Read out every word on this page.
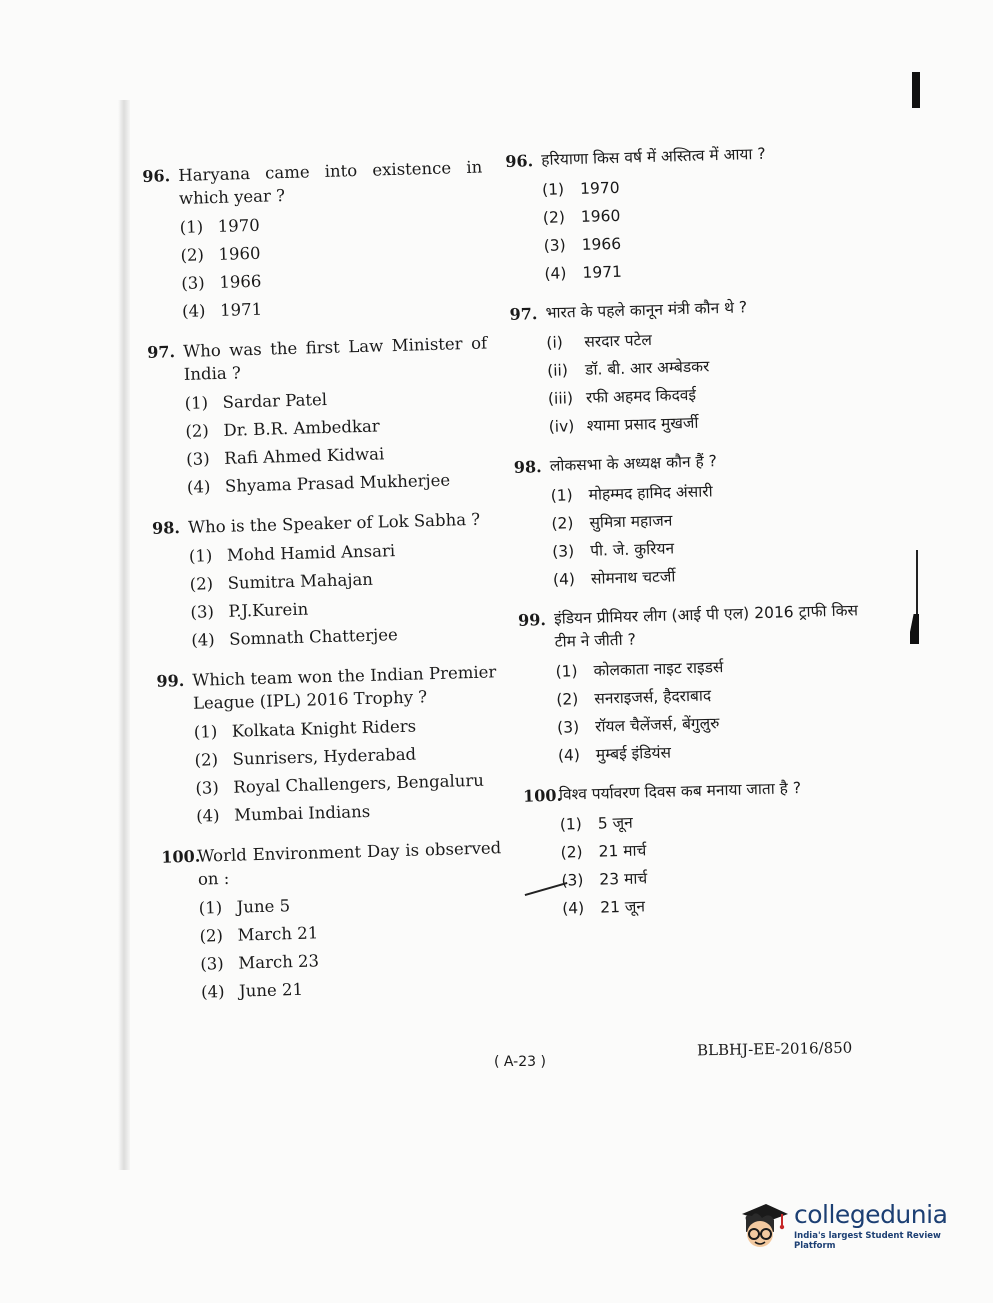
96. Haryana came into existence in which year ?
(1) 1970
(2) 1960
(3) 1966
(4) 1971
97. Who was the first Law Minister of India ?
(1) Sardar Patel
(2) Dr. B.R. Ambedkar
(3) Rafi Ahmed Kidwai
(4) Shyama Prasad Mukherjee
98. Who is the Speaker of Lok Sabha ?
(1) Mohd Hamid Ansari
(2) Sumitra Mahajan
(3) P.J.Kurein
(4) Somnath Chatterjee
99. Which team won the Indian Premier League (IPL) 2016 Trophy ?
(1) Kolkata Knight Riders
(2) Sunrisers, Hyderabad
(3) Royal Challengers, Bengaluru
(4) Mumbai Indians
100.
World Environment Day is observed on :
(1) June 5
(2) March 21
(3) March 23
(4) June 21
96. हरियाणा किस वर्ष में अस्तित्व में आया ?
(1)	1970
(2)	1960
(3)	1966
(4)	1971
97. भारत के पहले कानून मंत्री कौन थे ?
(i)	सरदार पटेल
(ii)	डॉ. बी. आर अम्बेडकर
(iii) रफी अहमद किदवई
(iv) श्यामा प्रसाद मुखर्जी
98. लोकसभा के अध्यक्ष कौन हैं ?
(1)	मोहम्मद हामिद अंसारी
(2)	सुमित्रा महाजन
(3)	पी. जे. कुरियन
(4)	सोमनाथ चटर्जी
99. इंडियन प्रीमियर लीग (आई पी एल) 2016 ट्राफी किस टीम ने जीती ?
(1)	कोलकाता नाइट राइडर्स
(2)	सनराइजर्स, हैदराबाद
(3)	रॉयल चैलेंजर्स, बेंगुलुरु
(4)	मुम्बई इंडियंस
100.
विश्व पर्यावरण दिवस कब मनाया जाता है ?
(1)	5 जून
(2)	21 मार्च
(3)	23 मार्च
(4)	21 जून
( A-23 )
BLBHJ-EE-2016/850
collegedunia
India's largest Student Review Platform
